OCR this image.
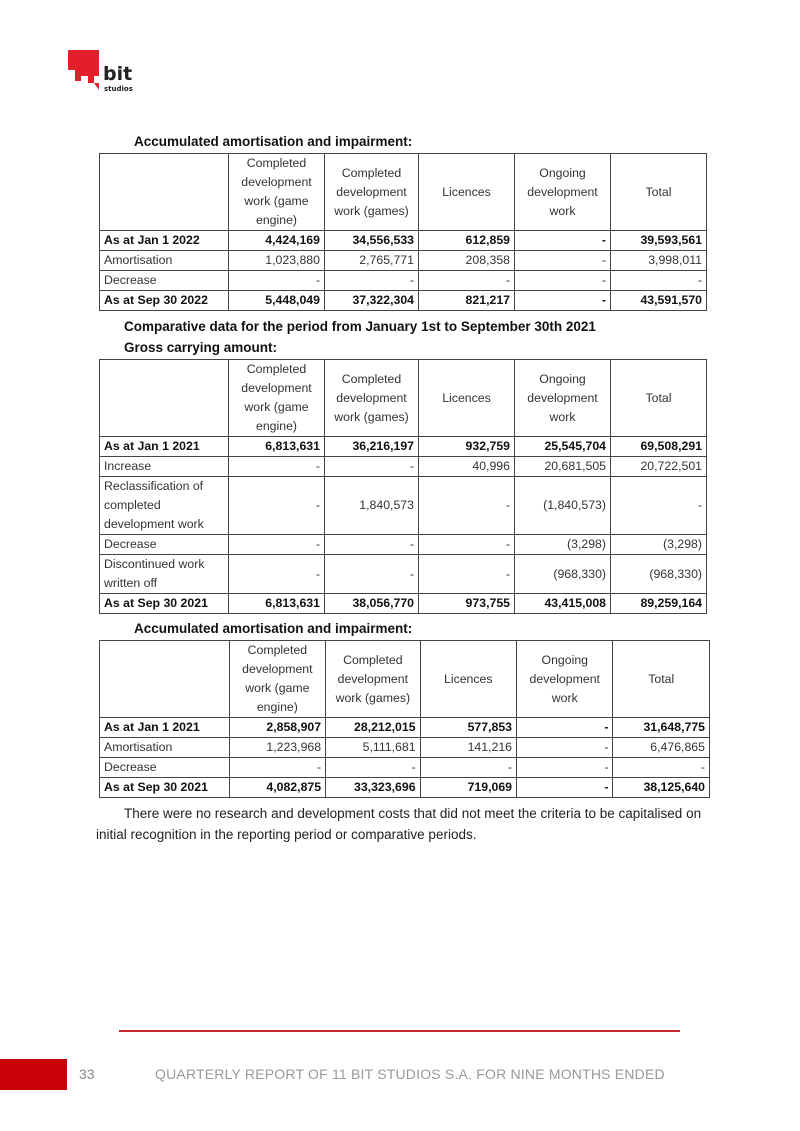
bit
studios
Accumulated amortisation and impairment:
	Completed development work (game engine)	Completed development work (games)	Licences	Ongoing development work	Total
As at Jan 1 2022	4,424,169	34,556,533	612,859	-	39,593,561
Amortisation	1,023,880	2,765,771	208,358	-	3,998,011
Decrease	-	-	-	-	-
As at Sep 30 2022	5,448,049	37,322,304	821,217	-	43,591,570
Comparative data for the period from January 1st to September 30th 2021
Gross carrying amount:
	Completed development work (game engine)	Completed development work (games)	Licences	Ongoing development work	Total
As at Jan 1 2021	6,813,631	36,216,197	932,759	25,545,704	69,508,291
Increase	-	-	40,996	20,681,505	20,722,501
Reclassification of completed development work	-	1,840,573	-	(1,840,573)	-
Decrease	-	-	-	(3,298)	(3,298)
Discontinued work written off	-	-	-	(968,330)	(968,330)
As at Sep 30 2021	6,813,631	38,056,770	973,755	43,415,008	89,259,164
Accumulated amortisation and impairment:
	Completed development work (game engine)	Completed development work (games)	Licences	Ongoing development work	Total
As at Jan 1 2021	2,858,907	28,212,015	577,853	-	31,648,775
Amortisation	1,223,968	5,111,681	141,216	-	6,476,865
Decrease	-	-	-	-	-
As at Sep 30 2021	4,082,875	33,323,696	719,069	-	38,125,640
There were no research and development costs that did not meet the criteria to be capitalised on initial recognition in the reporting period or comparative periods.
33	QUARTERLY REPORT OF 11 BIT STUDIOS S.A. FOR NINE MONTHS ENDED
